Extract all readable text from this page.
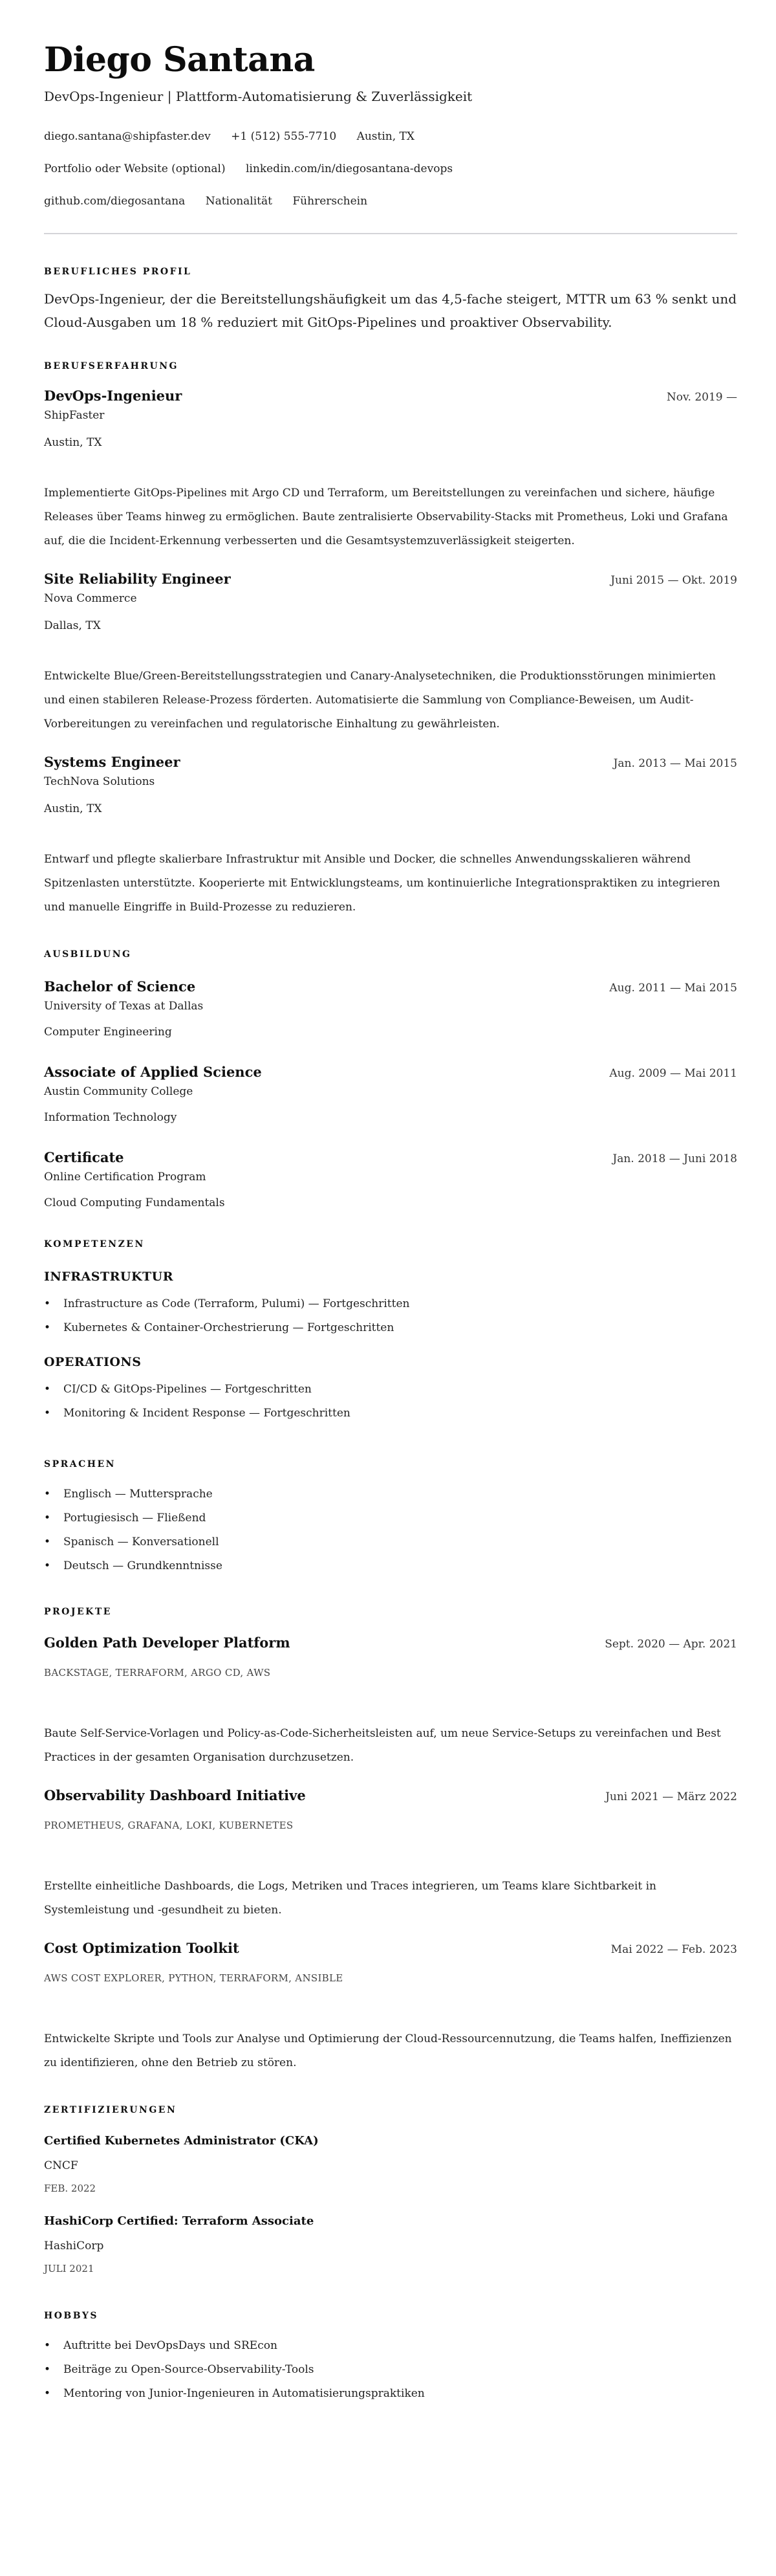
Diego Santana
DevOps-Ingenieur | Plattform-Automatisierung & Zuverlässigkeit
diego.santana@shipfaster.dev +1 (512) 555-7710 Austin, TX
Portfolio oder Website (optional) linkedin.com/in/diegosantana-devops
github.com/diegosantana Nationalität Führerschein
BERUFLICHES PROFIL

DevOps-Ingenieur, der die Bereitstellungshäufigkeit um das 4,5-fache steigert, MTTR um 63 % senkt und Cloud-Ausgaben um 18 % reduziert mit GitOps-Pipelines und proaktiver Observability.

BERUFSERFAHRUNG
DevOps-Ingenieur	Nov. 2019 —
ShipFaster
Austin, TX

Implementierte GitOps-Pipelines mit Argo CD und Terraform, um Bereitstellungen zu vereinfachen und sichere, häufige Releases über Teams hinweg zu ermöglichen. Baute zentralisierte Observability-Stacks mit Prometheus, Loki und Grafana auf, die die Incident-Erkennung verbesserten und die Gesamtsystemzuverlässigkeit steigerten.

Site Reliability Engineer	Juni 2015 — Okt. 2019
Nova Commerce
Dallas, TX

Entwickelte Blue/Green-Bereitstellungsstrategien und Canary-Analysetechniken, die Produktionsstörungen minimierten und einen stabileren Release-Prozess förderten. Automatisierte die Sammlung von Compliance-Beweisen, um Audit-Vorbereitungen zu vereinfachen und regulatorische Einhaltung zu gewährleisten.

Systems Engineer	Jan. 2013 — Mai 2015
TechNova Solutions
Austin, TX

Entwarf und pflegte skalierbare Infrastruktur mit Ansible und Docker, die schnelles Anwendungsskalieren während Spitzenlasten unterstützte. Kooperierte mit Entwicklungsteams, um kontinuierliche Integrationspraktiken zu integrieren und manuelle Eingriffe in Build-Prozesse zu reduzieren.

AUSBILDUNG
Bachelor of Science	Aug. 2011 — Mai 2015
University of Texas at Dallas
Computer Engineering
Associate of Applied Science	Aug. 2009 — Mai 2011
Austin Community College
Information Technology
Certificate	Jan. 2018 — Juni 2018
Online Certification Program
Cloud Computing Fundamentals
KOMPETENZEN
INFRASTRUKTUR
• Infrastructure as Code (Terraform, Pulumi) — Fortgeschritten
• Kubernetes & Container-Orchestrierung — Fortgeschritten
OPERATIONS
• CI/CD & GitOps-Pipelines — Fortgeschritten
• Monitoring & Incident Response — Fortgeschritten
SPRACHEN
• Englisch — Muttersprache
• Portugiesisch — Fließend
• Spanisch — Konversationell
• Deutsch — Grundkenntnisse
PROJEKTE
Golden Path Developer Platform	Sept. 2020 — Apr. 2021
BACKSTAGE, TERRAFORM, ARGO CD, AWS

Baute Self-Service-Vorlagen und Policy-as-Code-Sicherheitsleisten auf, um neue Service-Setups zu vereinfachen und Best Practices in der gesamten Organisation durchzusetzen.

Observability Dashboard Initiative	Juni 2021 — März 2022
PROMETHEUS, GRAFANA, LOKI, KUBERNETES

Erstellte einheitliche Dashboards, die Logs, Metriken und Traces integrieren, um Teams klare Sichtbarkeit in Systemleistung und -gesundheit zu bieten.

Cost Optimization Toolkit	Mai 2022 — Feb. 2023
AWS COST EXPLORER, PYTHON, TERRAFORM, ANSIBLE

Entwickelte Skripte und Tools zur Analyse und Optimierung der Cloud-Ressourcennutzung, die Teams halfen, Ineffizienzen zu identifizieren, ohne den Betrieb zu stören.

ZERTIFIZIERUNGEN
Certified Kubernetes Administrator (CKA)
CNCF
FEB. 2022
HashiCorp Certified: Terraform Associate
HashiCorp
JULI 2021
HOBBYS
• Auftritte bei DevOpsDays und SREcon
• Beiträge zu Open-Source-Observability-Tools
• Mentoring von Junior-Ingenieuren in Automatisierungspraktiken
